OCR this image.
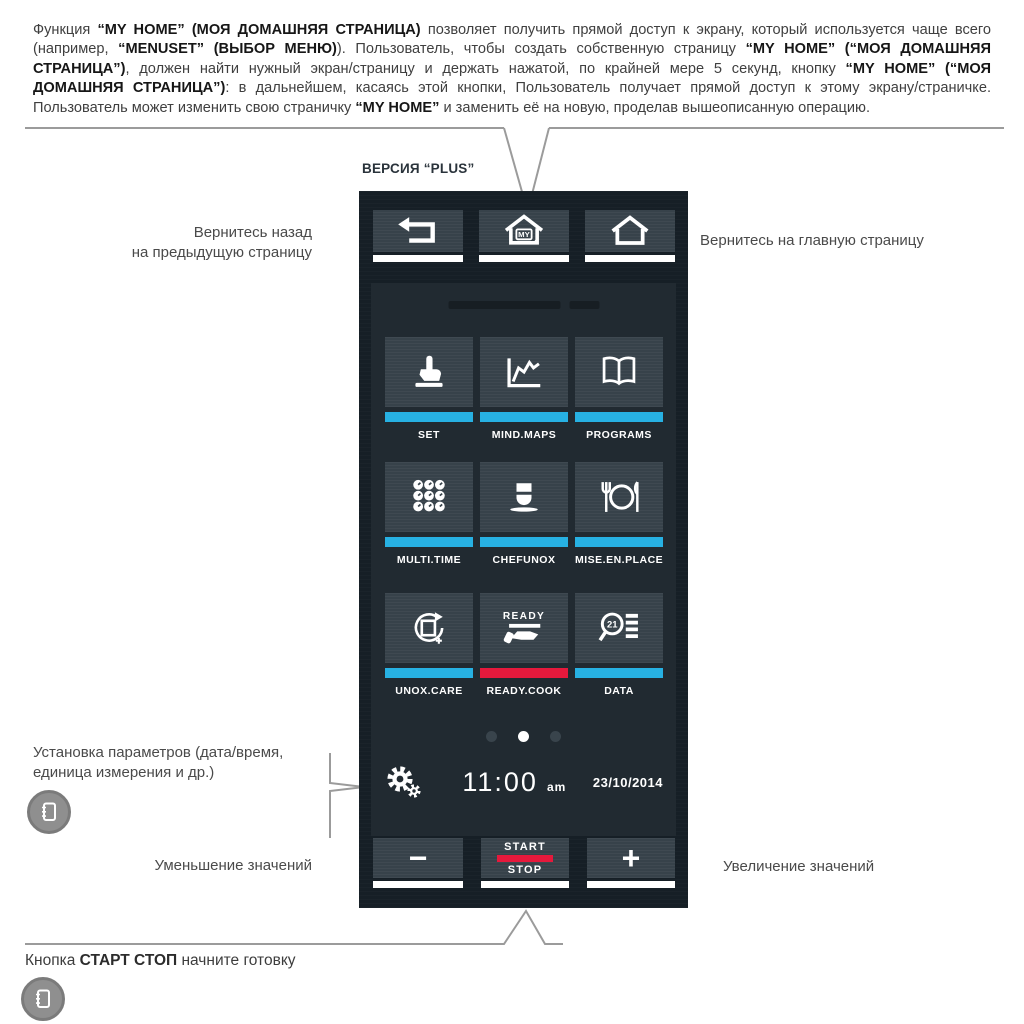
Функция “MY HOME” (МОЯ ДОМАШНЯЯ СТРАНИЦА) позволяет получить прямой доступ к экрану, который используется чаще всего (например, “MENUSET” (ВЫБОР МЕНЮ)). Пользователь, чтобы создать собственную страницу “MY HOME” (“МОЯ ДОМАШНЯЯ СТРАНИЦА”), должен найти нужный экран/страницу и держать нажатой, по крайней мере 5 секунд, кнопку “MY HOME” (“МОЯ ДОМАШНЯЯ СТРАНИЦА”): в дальнейшем, касаясь этой кнопки, Пользователь получает прямой доступ к этому экрану/страничке. Пользователь может изменить свою страничку “MY HOME” и заменить её на новую, проделав вышеописанную операцию.

ВЕРСИЯ “PLUS”
Вернитесь назад
на предыдущую страницу
Вернитесь на главную страницу
Установка параметров (дата/время,
единица измерения и др.)
Уменьшение значений	Увеличение значений
Кнопка СТАРТ СТОП начните готовку
MY
*
SET	MIND.MAPS	PROGRAMS
MULTI.TIME	CHEFUNOX	MISE.EN.PLACE
UNOX.CARE
READY
READY.COOK
21
DATA
11:00 am 23/10/2014
−	START
STOP +
